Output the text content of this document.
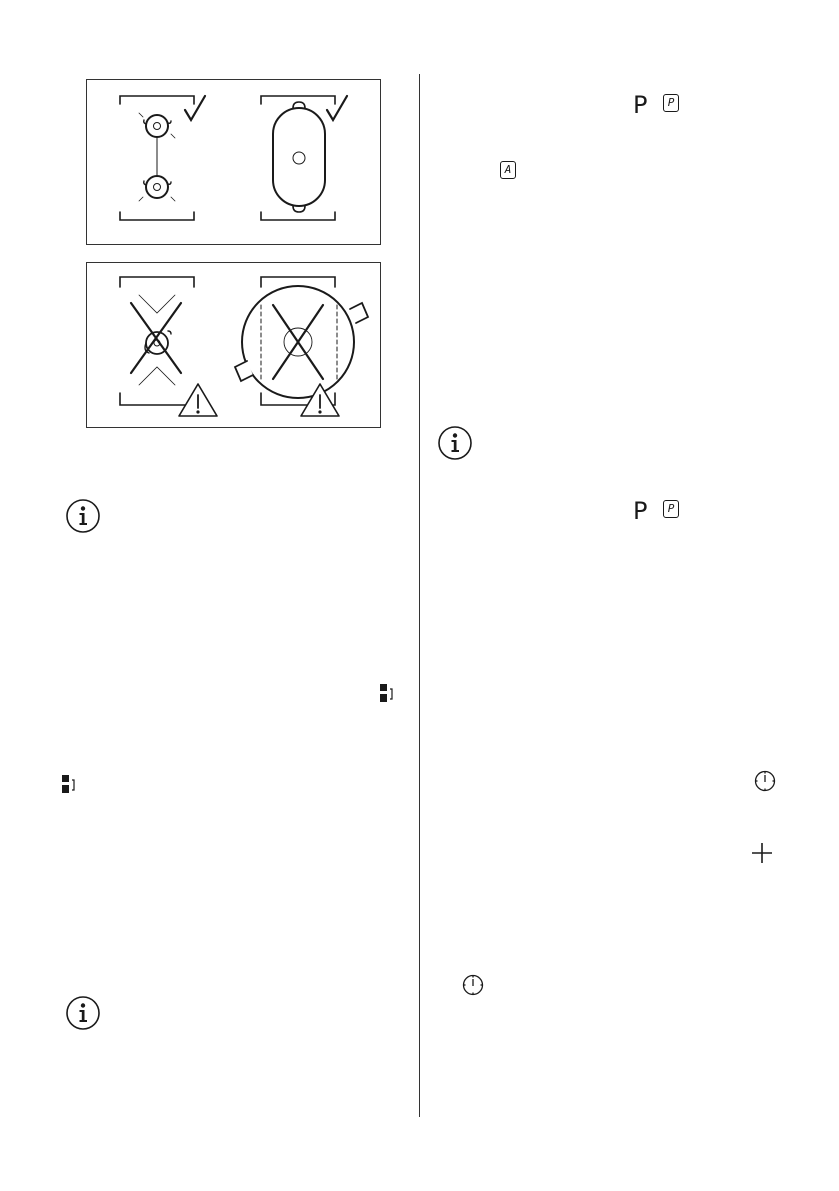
P	P
A
P	P
